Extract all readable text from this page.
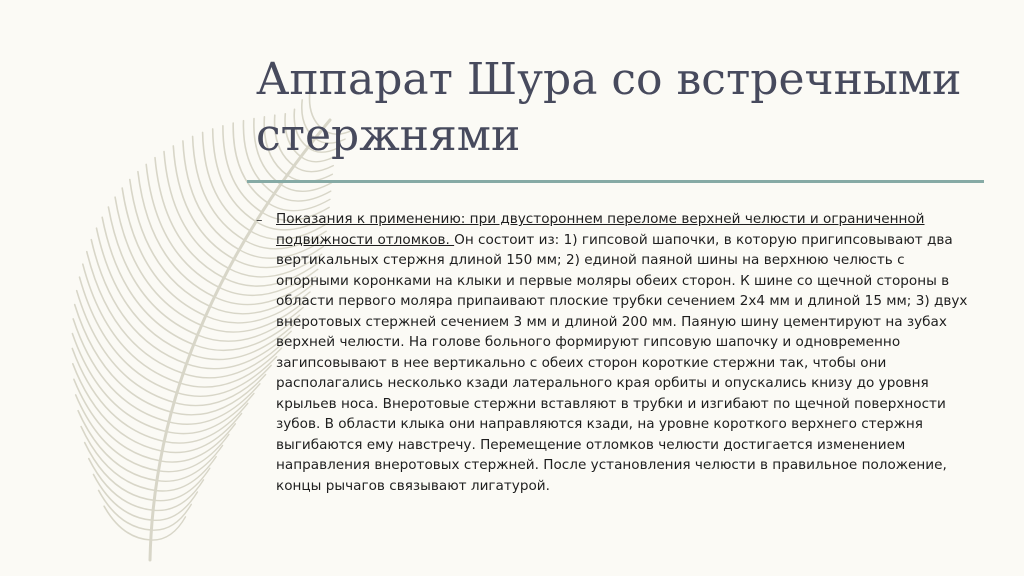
Аппарат Шура со встречными стержнями
– Показания к применению: при двустороннем переломе верхней челюсти и ограниченной подвижности отломков. Он состоит из: 1) гипсовой шапочки, в которую пригипсовывают два вертикальных стержня длиной 150 мм; 2) единой паяной шины на верхнюю челюсть с опорными коронками на клыки и первые моляры обеих сторон. К шине со щечной стороны в области первого моляра припаивают плоские трубки сечением 2х4 мм и длиной 15 мм; 3) двух внеротовых стержней сечением 3 мм и длиной 200 мм. Паяную шину цементируют на зубах верхней челюсти. На голове больного формируют гипсовую шапочку и одновременно загипсовывают в нее вертикально с обеих сторон короткие стержни так, чтобы они располагались несколько кзади латерального края орбиты и опускались книзу до уровня крыльев носа. Внеротовые стержни вставляют в трубки и изгибают по щечной поверхности зубов. В области клыка они направляются кзади, на уровне короткого верхнего стержня выгибаются ему навстречу. Перемещение отломков челюсти достигается изменением направления внеротовых стержней. После установления челюсти в правильное положение, концы рычагов связывают лигатурой.
